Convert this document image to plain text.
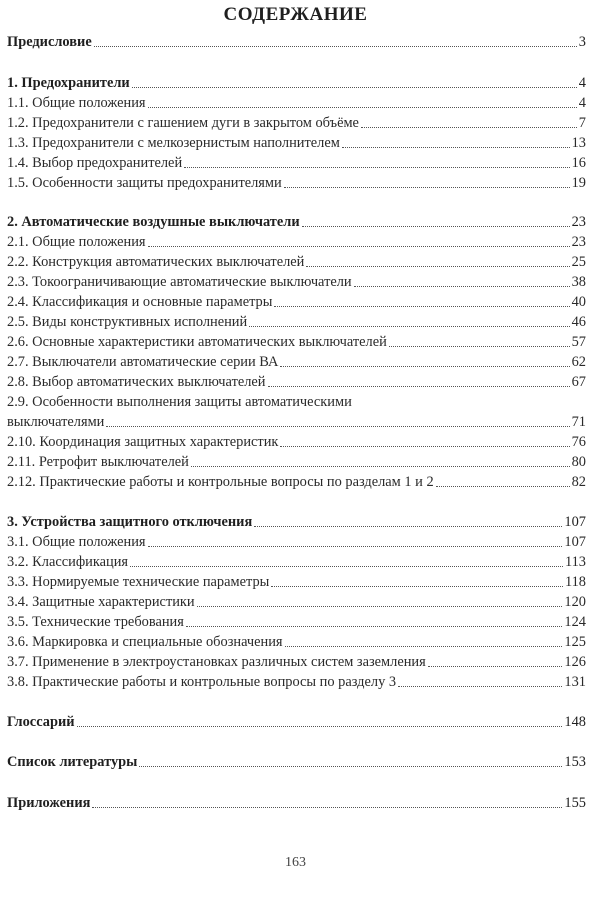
СОДЕРЖАНИЕ
Предисловие	3
1. Предохранители	4
1.1. Общие положения	4
1.2. Предохранители с гашением дуги в закрытом объёме	7
1.3. Предохранители с мелкозернистым наполнителем	13
1.4. Выбор предохранителей	16
1.5. Особенности защиты предохранителями	19
2. Автоматические воздушные выключатели	23
2.1. Общие положения	23
2.2. Конструкция автоматических выключателей	25
2.3. Токоограничивающие автоматические выключатели	38
2.4. Классификация и основные параметры	40
2.5. Виды конструктивных исполнений	46
2.6. Основные характеристики автоматических выключателей	57
2.7. Выключатели автоматические серии ВА	62
2.8. Выбор автоматических выключателей	67
2.9. Особенности выполнения защиты автоматическими
выключателями	71
2.10. Координация защитных характеристик	76
2.11. Ретрофит выключателей	80
2.12. Практические работы и контрольные вопросы по разделам 1 и 2	82
3. Устройства защитного отключения	107
3.1. Общие положения	107
3.2. Классификация	113
3.3. Нормируемые технические параметры	118
3.4. Защитные характеристики	120
3.5. Технические требования	124
3.6. Маркировка и специальные обозначения	125
3.7. Применение в электроустановках различных систем заземления	126
3.8. Практические работы и контрольные вопросы по разделу 3	131
Глоссарий	148
Список литературы	153
Приложения	155
163
